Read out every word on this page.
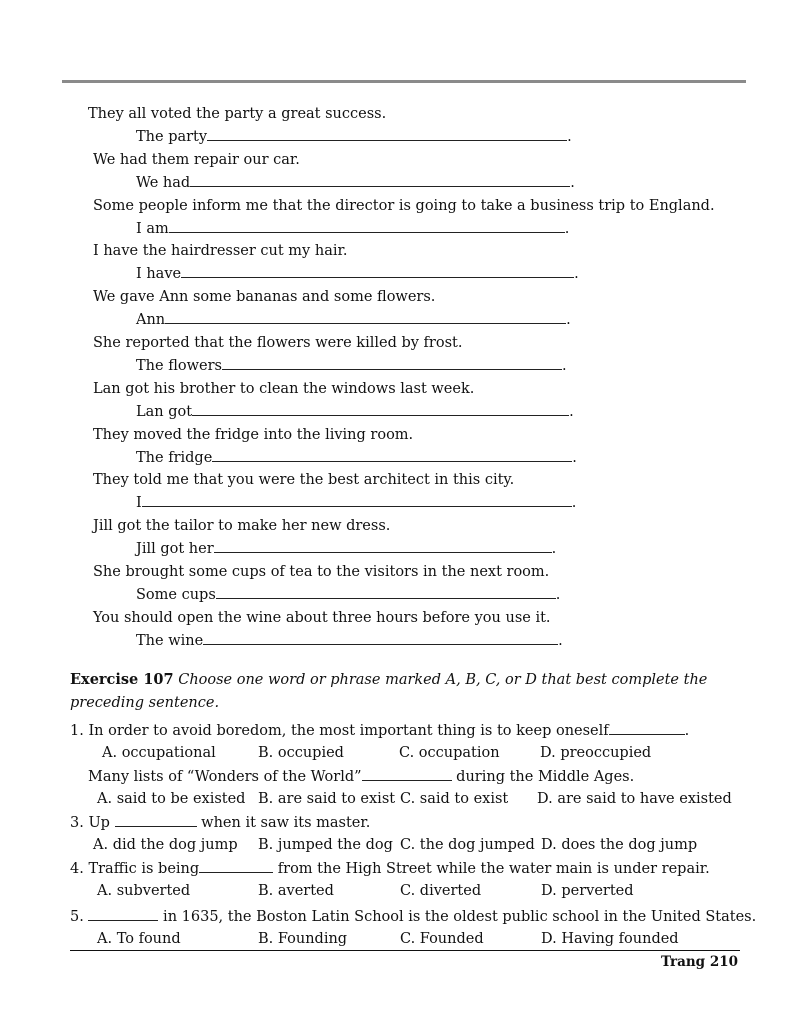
They all voted the party a great success.
The party	.
We had them repair our car.
We had	.
Some people inform me that the director is going to take a business trip to England.
I am	.
I have the hairdresser cut my hair.
I have	.
We gave Ann some bananas and some flowers.
Ann	.
She reported that the flowers were killed by frost.
The flowers	.
Lan got his brother to clean the windows last week.
Lan got	.
They moved the fridge into the living room.
The fridge	.
They told me that you were the best architect in this city.
I	.
Jill got the tailor to make her new dress.
Jill got her	.
She brought some cups of tea to the visitors in the next room.
Some cups	.
You should open the wine about three hours before you use it.
The wine	.
Exercise 107 Choose one word or phrase marked A, B, C, or D that best complete the
preceding sentence.
1. In order to avoid boredom, the most important thing is to keep oneself	.
A. occupational	B. occupied	C. occupation	D. preoccupied
Many lists of “Wonders of the World”	during the Middle Ages.
A. said to be existed B. are said to exist C. said to exist D. are said to have existed
3. Up	when it saw its master.
A. did the dog jump B. jumped the dog C. the dog jumped D. does the dog jump
4. Traffic is being	from the High Street while the water main is under repair.
A. subverted	B. averted	C. diverted	D. perverted
5.	in 1635, the Boston Latin School is the oldest public school in the United States.
A. To found	B. Founding	C. Founded	D. Having founded
Trang 210
